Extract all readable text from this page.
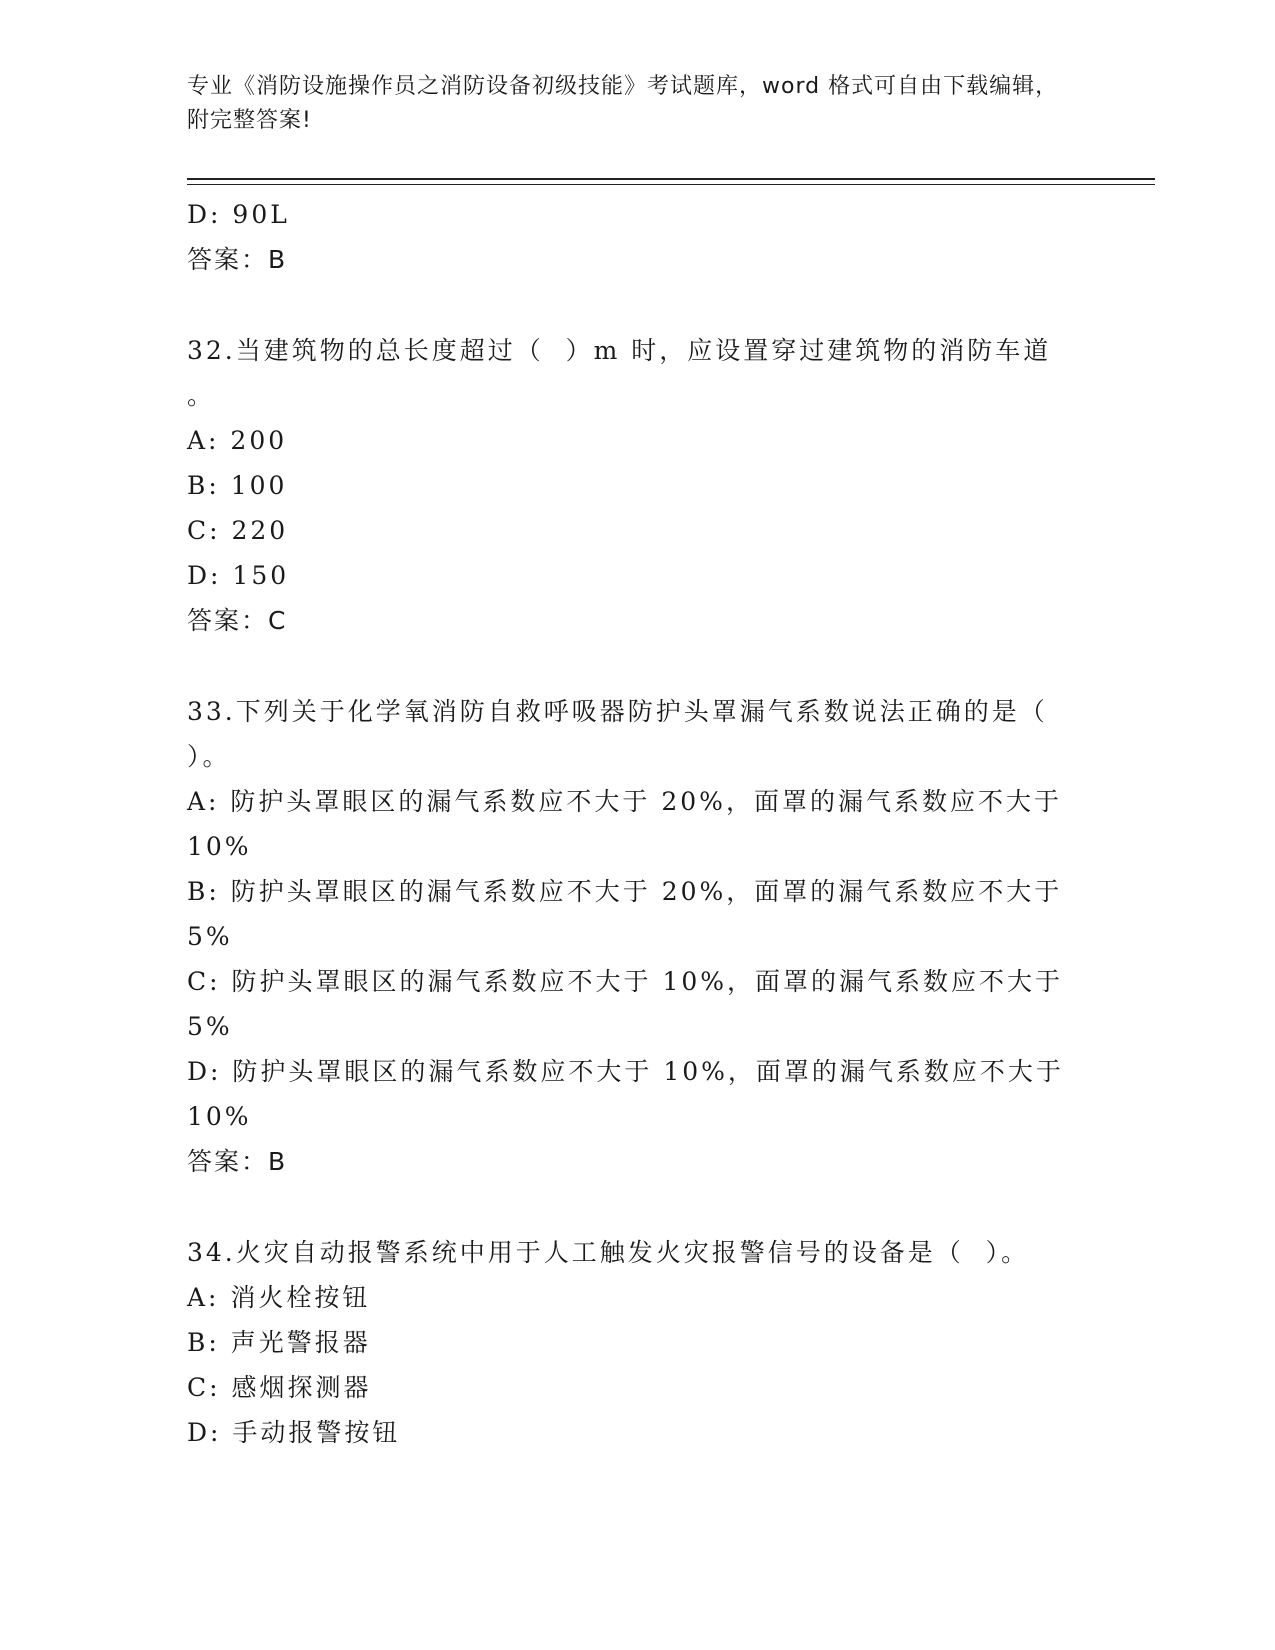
专业《消防设施操作员之消防设备初级技能》考试题库，word 格式可自由下载编辑，附完整答案!
D: 90L
答案：B
32.当建筑物的总长度超过（  ）m 时，应设置穿过建筑物的消防车道
。
A: 200
B: 100
C: 220
D: 150
答案：C
33.下列关于化学氧消防自救呼吸器防护头罩漏气系数说法正确的是（
）。
A: 防护头罩眼区的漏气系数应不大于 20%，面罩的漏气系数应不大于
10%
B: 防护头罩眼区的漏气系数应不大于 20%，面罩的漏气系数应不大于
5%
C: 防护头罩眼区的漏气系数应不大于 10%，面罩的漏气系数应不大于
5%
D: 防护头罩眼区的漏气系数应不大于 10%，面罩的漏气系数应不大于
10%
答案：B
34.火灾自动报警系统中用于人工触发火灾报警信号的设备是（  ）。
A: 消火栓按钮
B: 声光警报器
C: 感烟探测器
D: 手动报警按钮
